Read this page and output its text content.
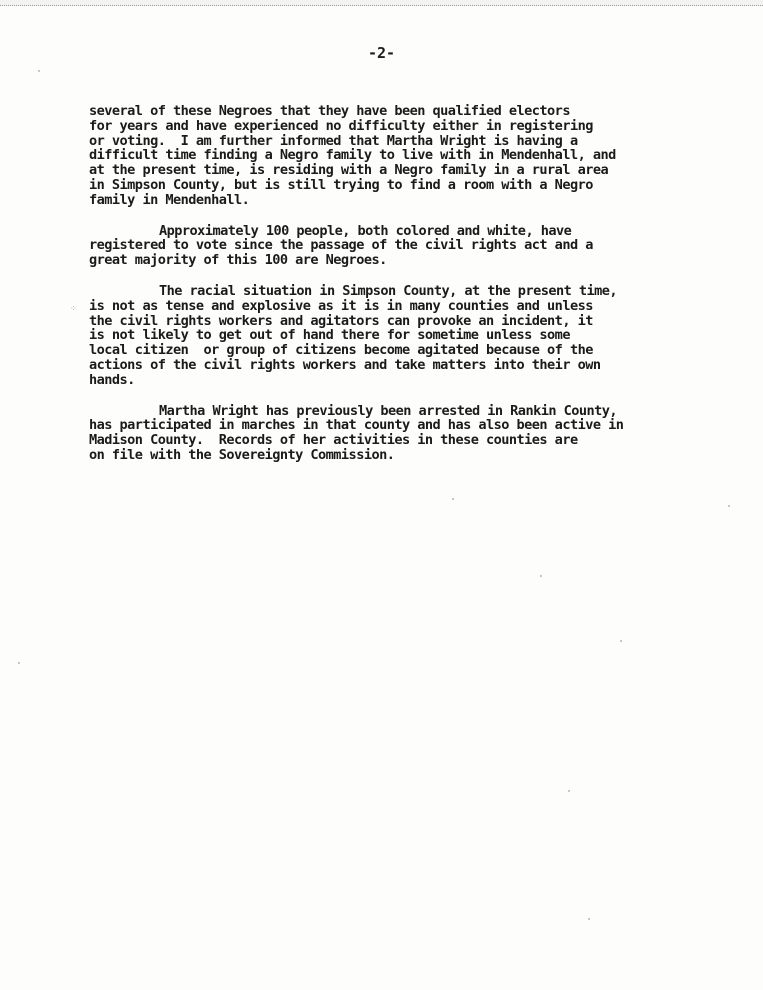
-2-

several of these Negroes that they have been qualified electors
for years and have experienced no difficulty either in registering
or voting.  I am further informed that Martha Wright is having a
difficult time finding a Negro family to live with in Mendenhall, and
at the present time, is residing with a Negro family in a rural area
in Simpson County, but is still trying to find a room with a Negro
family in Mendenhall.

Approximately 100 people, both colored and white, have
registered to vote since the passage of the civil rights act and a
great majority of this 100 are Negroes.

The racial situation in Simpson County, at the present time,
is not as tense and explosive as it is in many counties and unless
the civil rights workers and agitators can provoke an incident, it
is not likely to get out of hand there for sometime unless some
local citizen  or group of citizens become agitated because of the
actions of the civil rights workers and take matters into their own
hands.

Martha Wright has previously been arrested in Rankin County,
has participated in marches in that county and has also been active in
Madison County.  Records of her activities in these counties are
on file with the Sovereignty Commission.

⁘
